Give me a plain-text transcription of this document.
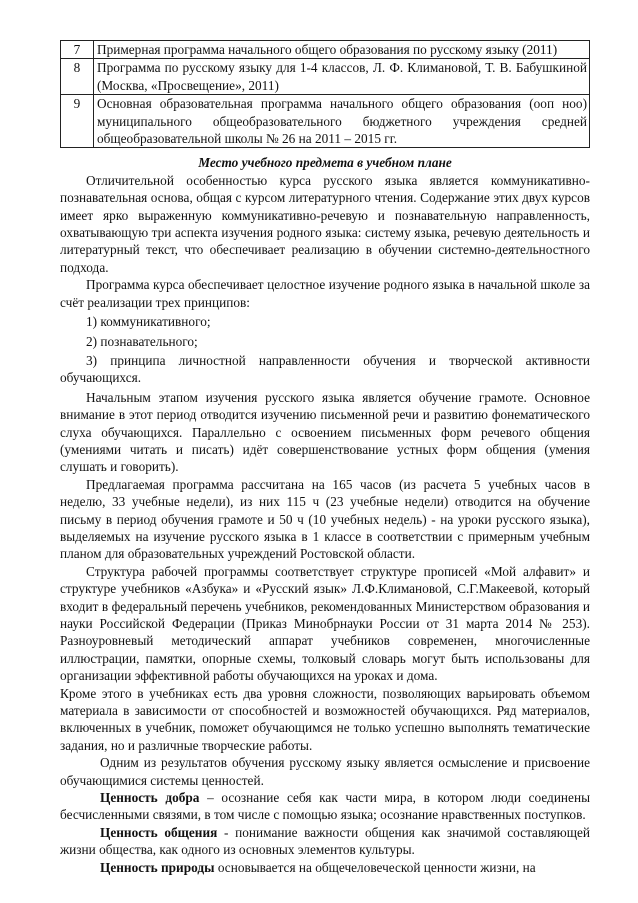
7	Примерная программа начального общего образования по русскому языку (2011)
8	Программа по русскому языку для 1-4 классов, Л. Ф. Климановой, Т. В. Бабушкиной (Москва, «Просвещение», 2011)
9	Основная образовательная программа начального общего образования (ооп ноо) муниципального общеобразовательного бюджетного учреждения средней общеобразовательной школы № 26 на 2011 – 2015 гг.
Место учебного предмета в учебном плане

Отличительной особенностью курса русского языка является коммуникативно-познавательная основа, общая с курсом литературного чтения. Содержание этих двух курсов имеет ярко выраженную коммуникативно-речевую и познавательную направленность, охватывающую три аспекта изучения родного языка: систему языка, речевую деятельность и литературный текст, что обеспечивает реализацию в обучении системно-деятельностного подхода.

Программа курса обеспечивает целостное изучение родного языка в начальной школе за счёт реализации трех принципов:

1) коммуникативного;
2) познавательного;
3) принципа личностной направленности обучения и творческой активности обучающихся.

Начальным этапом изучения русского языка является обучение грамоте. Основное внимание в этот период отводится изучению письменной речи и развитию фонематического слуха обучающихся. Параллельно с освоением письменных форм речевого общения (умениями читать и писать) идёт совершенствование устных форм общения (умения слушать и говорить).

Предлагаемая программа рассчитана на 165 часов (из расчета 5 учебных часов в неделю, 33 учебные недели), из них 115 ч (23 учебные недели) отводится на обучение письму в период обучения грамоте и 50 ч (10 учебных недель) - на уроки русского языка), выделяемых на изучение русского языка в 1 классе в соответствии с примерным учебным планом для образовательных учреждений Ростовской области.

Структура рабочей программы соответствует структуре прописей «Мой алфавит» и структуре учебников «Азбука» и «Русский язык» Л.Ф.Климановой, С.Г.Макеевой, который входит в федеральный перечень учебников, рекомендованных Министерством образования и науки Российской Федерации (Приказ Минобрнауки России от 31 марта 2014 № 253). Разноуровневый методический аппарат учебников современен, многочисленные иллюстрации, памятки, опорные схемы, толковый словарь могут быть использованы для организации эффективной работы обучающихся на уроках и дома.

Кроме этого в учебниках есть два уровня сложности, позволяющих варьировать объемом материала в зависимости от способностей и возможностей обучающихся. Ряд материалов, включенных в учебник, поможет обучающимся не только успешно выполнять тематические задания, но и различные творческие работы.

Одним из результатов обучения русскому языку является осмысление и присвоение обучающимися системы ценностей.

Ценность добра – осознание себя как части мира, в котором люди соединены бесчисленными связями, в том числе с помощью языка; осознание нравственных поступков.

Ценность общения - понимание важности общения как значимой составляющей жизни общества, как одного из основных элементов культуры.

Ценность природы основывается на общечеловеческой ценности жизни, на
